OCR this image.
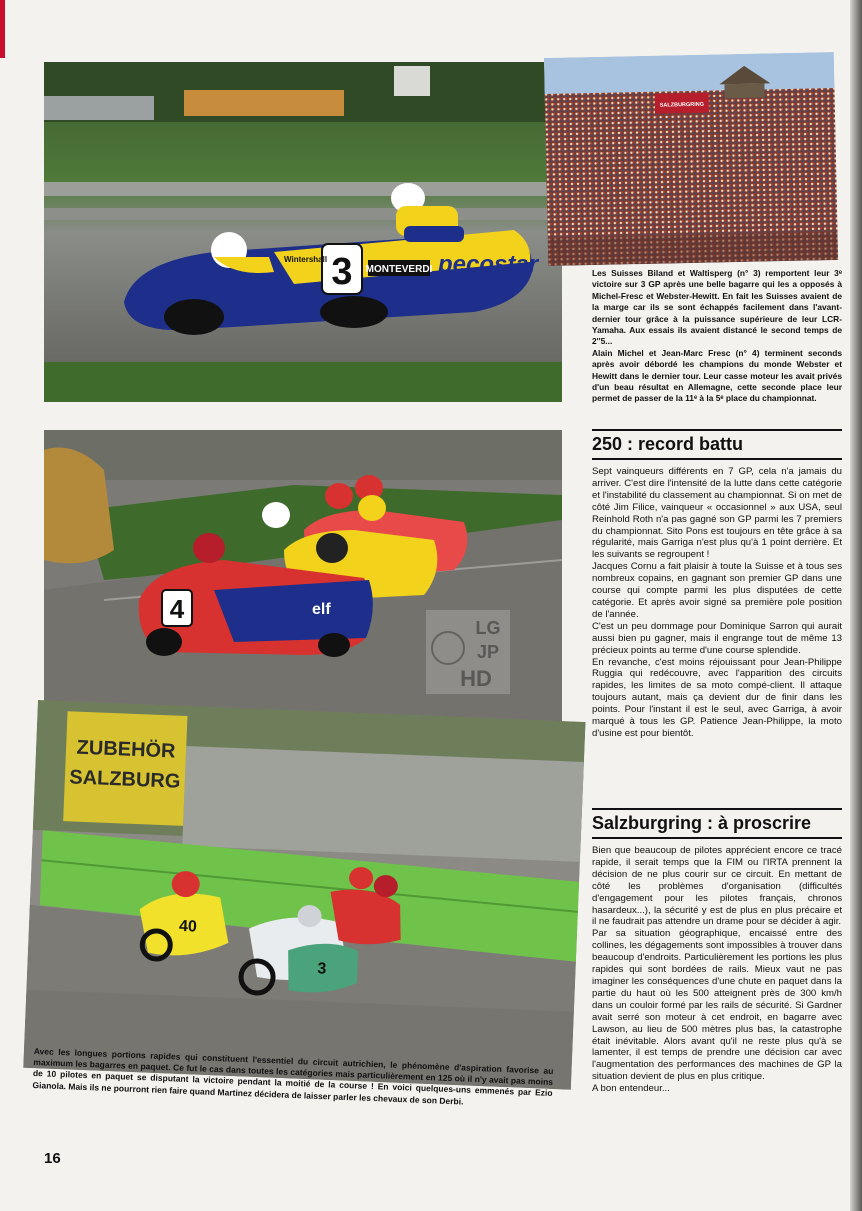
3	pecostar
MONTEVERDI
Wintershall
SALZBURGRING
4	elf
ZUBEHÖR
SALZBURG
40
3
LG
JP
HD

Les Suisses Biland et Waltisperg (n° 3) remportent leur 3ᵉ victoire sur 3 GP après une belle bagarre qui les a opposés à Michel-Fresc et Webster-Hewitt. En fait les Suisses avaient de la marge car ils se sont échappés facilement dans l'avant-dernier tour grâce à la puissance supérieure de leur LCR-Yamaha. Aux essais ils avaient distancé le second temps de 2''5...

Alain Michel et Jean-Marc Fresc (n° 4) terminent seconds après avoir débordé les champions du monde Webster et Hewitt dans le dernier tour. Leur casse moteur les avait privés d'un beau résultat en Allemagne, cette seconde place leur permet de passer de la 11ᵉ à la 5ᵉ place du championnat.

250 : record battu

Sept vainqueurs différents en 7 GP, cela n'a jamais du arriver. C'est dire l'intensité de la lutte dans cette catégorie et l'instabilité du classement au championnat. Si on met de côté Jim Filice, vainqueur « occasionnel » aux USA, seul Reinhold Roth n'a pas gagné son GP parmi les 7 premiers du championnat. Sito Pons est toujours en tête grâce à sa régularité, mais Garriga n'est plus qu'à 1 point derrière. Et les suivants se regroupent !

Jacques Cornu a fait plaisir à toute la Suisse et à tous ses nombreux copains, en gagnant son premier GP dans une course qui compte parmi les plus disputées de cette catégorie. Et après avoir signé sa première pole position de l'année.

C'est un peu dommage pour Dominique Sarron qui aurait aussi bien pu gagner, mais il engrange tout de même 13 précieux points au terme d'une course splendide.

En revanche, c'est moins réjouissant pour Jean-Philippe Ruggia qui redécouvre, avec l'apparition des circuits rapides, les limites de sa moto compé-client. Il attaque toujours autant, mais ça devient dur de finir dans les points. Pour l'instant il est le seul, avec Garriga, à avoir marqué à tous les GP. Patience Jean-Philippe, la moto d'usine est pour bientôt.

Salzburgring : à proscrire

Bien que beaucoup de pilotes apprécient encore ce tracé rapide, il serait temps que la FIM ou l'IRTA prennent la décision de ne plus courir sur ce circuit. En mettant de côté les problèmes d'organisation (difficultés d'engagement pour les pilotes français, chronos hasardeux...), la sécurité y est de plus en plus précaire et il ne faudrait pas attendre un drame pour se décider à agir.

Par sa situation géographique, encaissé entre des collines, les dégagements sont impossibles à trouver dans beaucoup d'endroits. Particulièrement les portions les plus rapides qui sont bordées de rails. Mieux vaut ne pas imaginer les conséquences d'une chute en paquet dans la partie du haut où les 500 atteignent près de 300 km/h dans un couloir formé par les rails de sécurité. Si Gardner avait serré son moteur à cet endroit, en bagarre avec Lawson, au lieu de 500 mètres plus bas, la catastrophe était inévitable. Alors avant qu'il ne reste plus qu'à se lamenter, il est temps de prendre une décision car avec l'augmentation des performances des machines de GP la situation devient de plus en plus critique.

A bon entendeur...

Avec les longues portions rapides qui constituent l'essentiel du circuit autrichien, le phénomène d'aspiration favorise au maximum les bagarres en paquet. Ce fut le cas dans toutes les catégories mais particulièrement en 125 où il n'y avait pas moins de 10 pilotes en paquet se disputant la victoire pendant la moitié de la course ! En voici quelques-uns emmenés par Ezio Gianola. Mais ils ne pourront rien faire quand Martinez décidera de laisser parler les chevaux de son Derbi.
16
